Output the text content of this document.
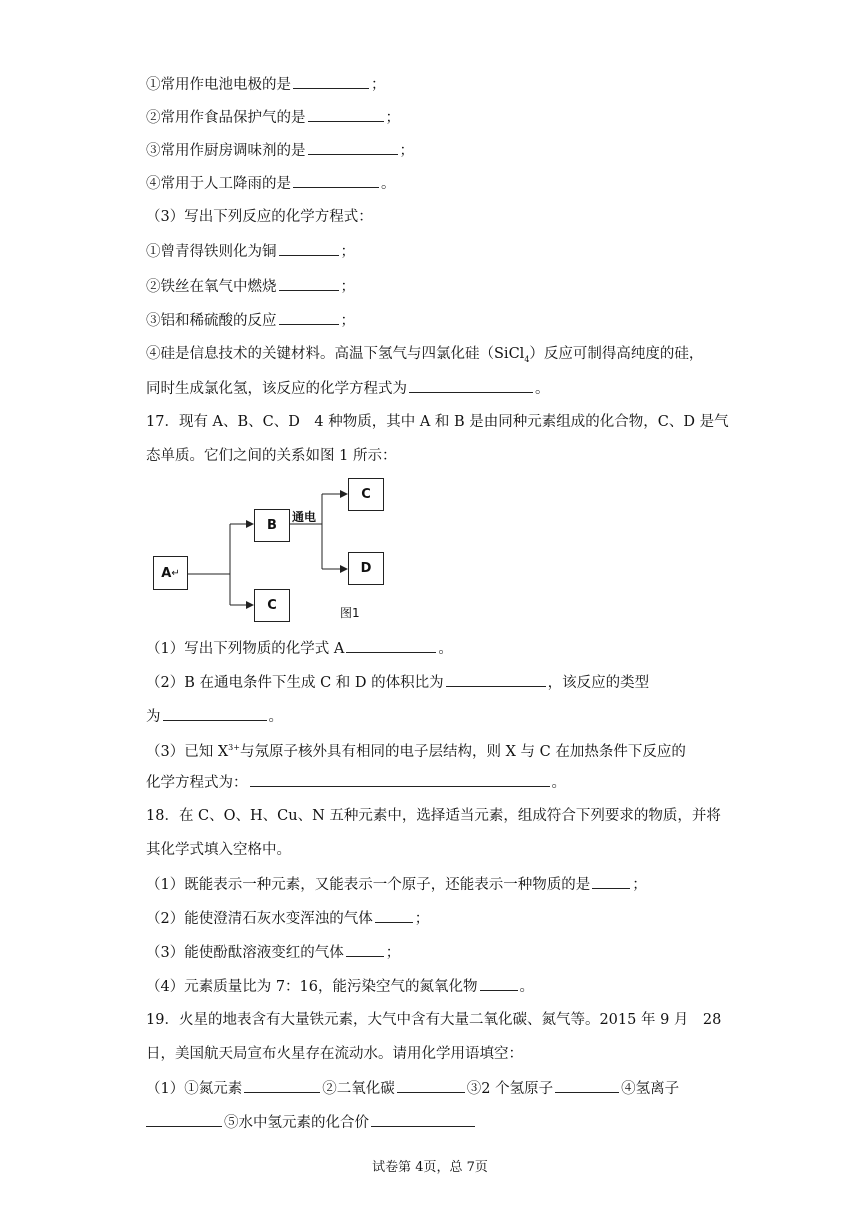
①常用作电池电极的是	；
②常用作食品保护气的是	；
③常用作厨房调味剂的是	；
④常用于人工降雨的是	。
（3）写出下列反应的化学方程式：
①曾青得铁则化为铜	；
②铁丝在氧气中燃烧	；
③铝和稀硫酸的反应	；
④硅是信息技术的关键材料。高温下氢气与四氯化硅（SiCl$_4$）反应可制得高纯度的硅，
同时生成氯化氢，该反应的化学方程式为	。
17．现有 A、B、C、D　4 种物质，其中 A 和 B 是由同种元素组成的化合物，C、D 是气
态单质。它们之间的关系如图 1 所示：
A ↵
B
通电
C
D
C	图1
（1）写出下列物质的化学式 A	。
（2）B 在通电条件下生成 C 和 D 的体积比为	，该反应的类型
为	。
（3）已知 $X^{3+}$与氖原子核外具有相同的电子层结构，则 X 与 C 在加热条件下反应的
化学方程式为：	。
18．在 C、O、H、Cu、N 五种元素中，选择适当元素，组成符合下列要求的物质，并将
其化学式填入空格中。
（1）既能表示一种元素，又能表示一个原子，还能表示一种物质的是	；
（2）能使澄清石灰水变浑浊的气体	；
（3）能使酚酞溶液变红的气体	；
（4）元素质量比为 7：16，能污染空气的氮氧化物	。
19．火星的地表含有大量铁元素，大气中含有大量二氧化碳、氮气等。2015 年 9 月　28
日，美国航天局宣布火星存在流动水。请用化学用语填空：
（1）①氮元素	②二氧化碳	③2 个氢原子	④氢离子
⑤水中氢元素的化合价
试卷第 4页，总 7页
